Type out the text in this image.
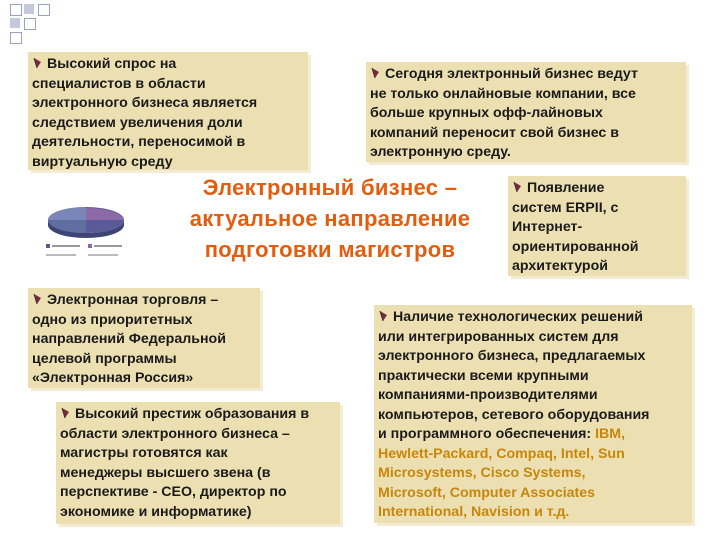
Высокий спрос на
специалистов в области
электронного бизнеса является
следствием увеличения доли
деятельности, переносимой в
виртуальную среду
Сегодня электронный бизнес ведут
не только онлайновые компании, все
больше крупных офф-лайновых
компаний переносит свой бизнес в
электронную среду.
Электронный бизнес –
актуальное направление
подготовки магистров
Появление
систем ERPII, с
Интернет-
ориентированной
архитектурой
Электронная торговля –
одно из приоритетных
направлений Федеральной
целевой программы
«Электронная Россия»
Высокий престиж образования в
области электронного бизнеса –
магистры готовятся как
менеджеры высшего звена (в
перспективе - СЕО, директор по
экономике и информатике)
Наличие технологических решений
или интегрированных систем для
электронного бизнеса, предлагаемых
практически всеми крупными
компаниями-производителями
компьютеров, сетевого оборудования
и программного обеспечения: IBM,
Hewlett-Packard, Compaq, Intel, Sun
Microsystems, Cisco Systems,
Microsoft, Computer Associates
International, Navision и т.д.
